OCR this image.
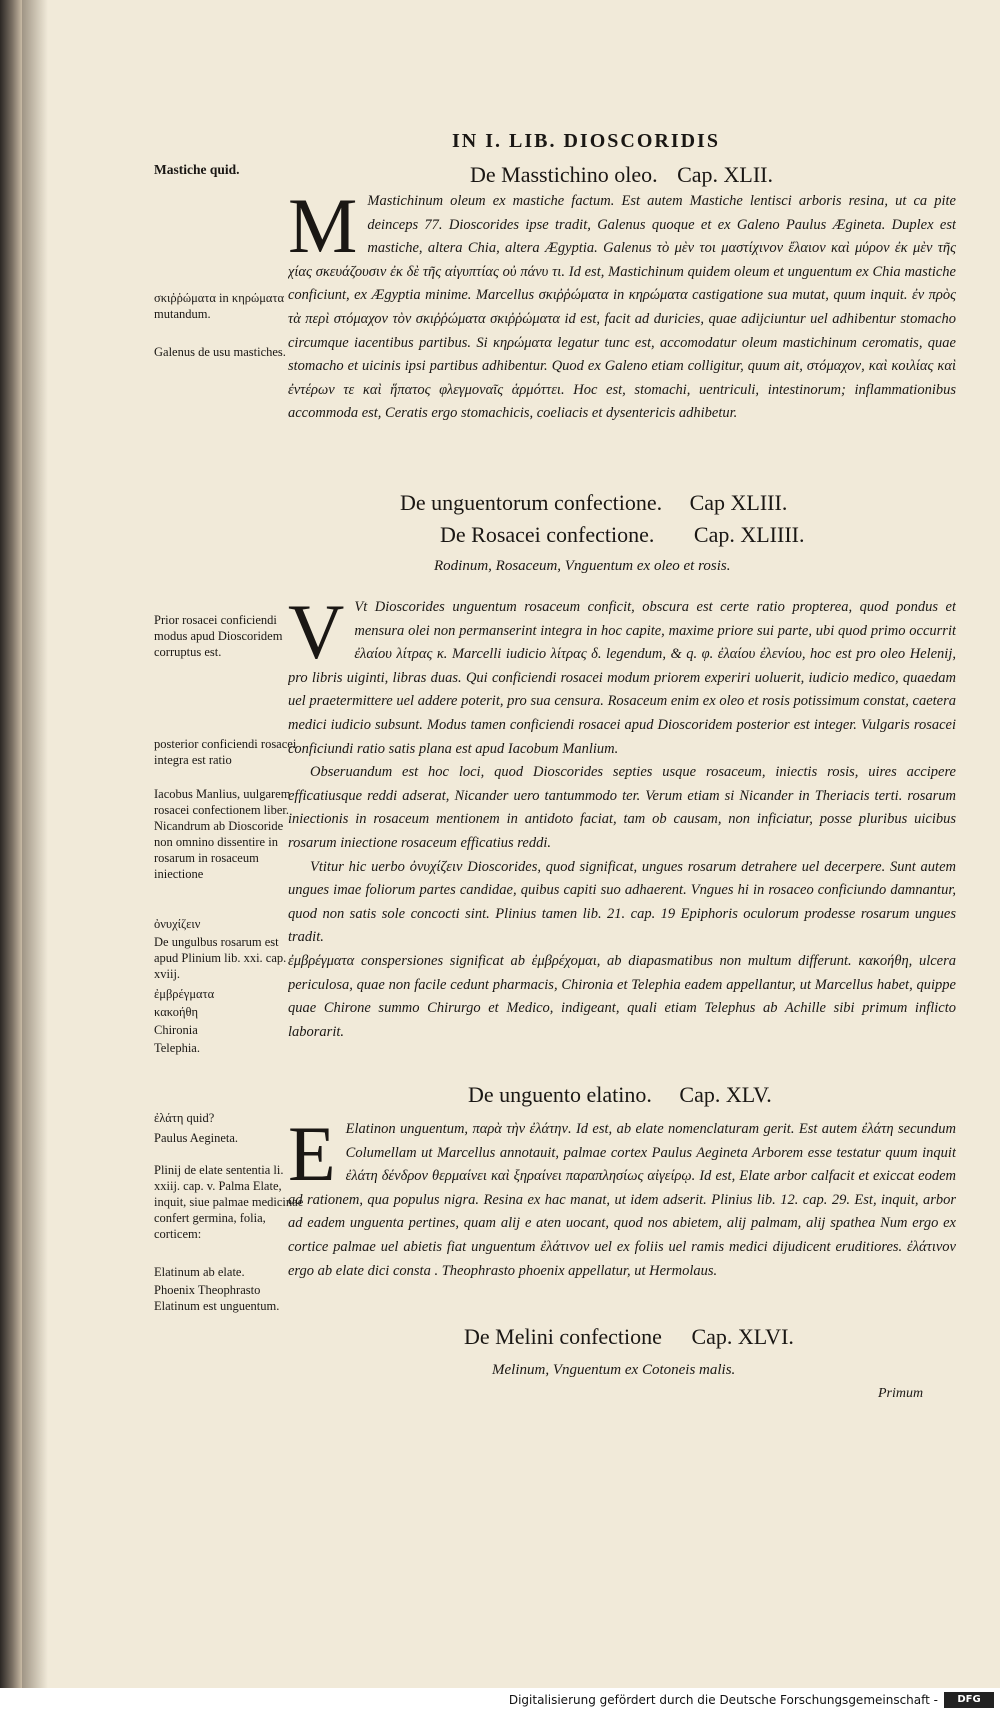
IN I. LIB. DIOSCORIDIS
De Masstichino oleo. Cap. XLII.
Mastiche quid.
σκιῤῥώματα in κηρώματα mutandum.
Galenus de usu mastiches.
M Mastichinum oleum ex mastiche factum. Est autem Mastiche lentisci arboris resina, ut ca pite deinceps 77. Dioscorides ipse tradit, Galenus quoque et ex Galeno Paulus Æginetа. Duplex est mastiche, altera Chia, altera Ægyptia. Galenus τὸ μὲν τοι μαστίχινον ἔλαιον καὶ μύρον ἐκ μὲν τῆς χίας σκευάζουσιν ἐκ δὲ τῆς αἰγυπτίας οὐ πάνυ τι. Id est, Mastichinum quidem oleum et unguentum ex Chia mastiche conficiunt, ex Ægyptia minime. Marcellus σκιῤῥώματα in κηρώματα castigatione sua mutat, quum inquit. ἐν πρὸς τὰ περὶ στόμαχον τὸν σκιῤῥώματα σκιῤῥώματα id est, facit ad duricies, quae adijciuntur uel adhibentur stomacho circumque iacentibus partibus. Si κηρώματα legatur tunc est, accomodatur oleum mastichinum ceromatis, quae stomacho et uicinis ipsi partibus adhibentur. Quod ex Galeno etiam colligitur, quum ait, στόμαχον, καὶ κοιλίας καὶ ἐντέρων τε καὶ ἥπατος φλεγμοναῖς ἁρμόττει. Hoc est, stomachi, uentriculi, intestinorum; inflammationibus accommoda est, Ceratis ergo stomachicis, coeliacis et dysentericis adhibetur.
De unguentorum confectione. Cap XLIII.
De Rosacei confectione. Cap. XLIIII.
Rodinum, Rosaceum, Vnguentum ex oleo et rosis.
Prior rosacei conficiendi modus apud Dioscoridem corruptus est.
posterior conficiendi rosacei integra est ratio
Iacobus Manlius, uulgarem rosacei confectionem liber. Nicandrum ab Dioscoride non omnino dissentire in rosarum in rosaceum iniectione
ὀνυχίζειν
De ungulbus rosarum est apud Plinium lib. xxi. cap. xviij.
ἐμβρέγματα
κακοήθη
Chironia
Telephia.
V Vt Dioscorides unguentum rosaceum conficit, obscura est certe ratio propterea, quod pondus et mensura olei non permanserint integra in hoc capite, maxime priore sui parte, ubi quod primo occurrit ἐλαίου λίτρας κ. Marcelli iudicio λίτρας δ. legendum, & q. φ. ἐλαίου ἐλενίου, hoc est pro oleo Helenij, pro libris uiginti, libras duas. Qui conficiendi rosacei modum priorem experiri uoluerit, iudicio medico, quaedam uel praetermittere uel addere poterit, pro sua censura. Rosaceum enim ex oleo et rosis potissimum constat, caetera medici iudicio subsunt. Modus tamen conficiendi rosacei apud Dioscoridem posterior est integer. Vulgaris rosacei conficiundi ratio satis plana est apud Iacobum Manlium.
Obseruandum est hoc loci, quod Dioscorides septies usque rosaceum, iniectis rosis, uires accipere efficatiusque reddi adserat, Nicander uero tantummodo ter. Verum etiam si Nicander in Theriacis terti. rosarum iniectionis in rosaceum mentionem in antidoto faciat, tam ob causam, non inficiatur, posse pluribus uicibus rosarum iniectione rosaceum efficatius reddi.
Vtitur hic uerbo ὀνυχίζειν Dioscorides, quod significat, ungues rosarum detrahere uel decerpere. Sunt autem ungues imae foliorum partes candidae, quibus capiti suo adhaerent. Vngues hi in rosaceo conficiundo damnantur, quod non satis sole concocti sint. Plinius tamen lib. 21. cap. 19 Epiphoris oculorum prodesse rosarum ungues tradit.
ἐμβρέγματα conspersiones significat ab ἐμβρέχομαι, ab diapasmatibus non multum differunt. κακοήθη, ulcera periculosa, quae non facile cedunt pharmacis, Chironia et Telephia eadem appellantur, ut Marcellus habet, quippe quae Chirone summo Chirurgo et Medico, indigeant, quali etiam Telephus ab Achille sibi primum inflicto laborarit.
De unguento elatino. Cap. XLV.
ἐλάτη quid?
Paulus Aegineta.
Plinij de elate sententia li. xxiij. cap. v. Palma Elate, inquit, siue palmae medicinae confert germina, folia, corticem:
Elatinum ab elate.
Phoenix Theophrasto Elatinum est unguentum.
E Elatinon unguentum, παρὰ τὴν ἐλάτην. Id est, ab elate nomenclaturam gerit. Est autem ἐλάτη secundum Columellam ut Marcellus annotauit, palmae cortex Paulus Aegineta Arborem esse testatur quum inquit ἐλάτη δένδρον θερμαίνει καὶ ξηραίνει παραπλησίως αἰγείρῳ. Id est, Elate arbor calfacit et exiccat eodem ad rationem, qua populus nigra. Resina ex hac manat, ut idem adserit. Plinius lib. 12. cap. 29. Est, inquit, arbor ad eadem unguenta pertines, quam alij e aten uocant, quod nos abietem, alij palmam, alij spathea Num ergo ex cortice palmae uel abietis fiat unguentum ἐλάτινον uel ex foliis uel ramis medici dijudicent eruditiores. ἐλάτινον ergo ab elate dici consta . Theophrasto phoenix appellatur, ut Hermolaus.
De Melini confectione Cap. XLVI.
Melinum, Vnguentum ex Cotoneis malis.
Primum
Digitalisierung gefördert durch die Deutsche Forschungsgemeinschaft -	DFG
